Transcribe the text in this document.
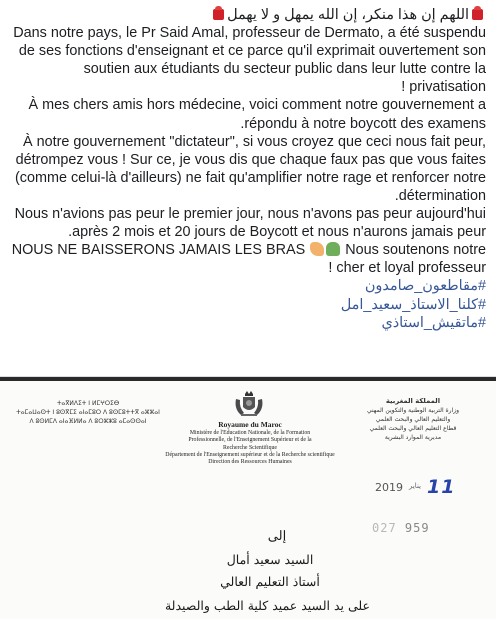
اللهم إن هذا منكر، إن الله يمهل و لا يهمل

Dans notre pays, le Pr Said Amal, professeur de Dermato, a été suspendu de ses fonctions d'enseignant et ce parce qu'il exprimait ouvertement son soutien aux étudiants du secteur public dans leur lutte contre la privatisation !

À mes chers amis hors médecine, voici comment notre gouvernement a répondu à notre boycott des examens.

À notre gouvernement "dictateur", si vous croyez que ceci nous fait peur, détrompez vous ! Sur ce, je vous dis que chaque faux pas que vous faites (comme celui-là d'ailleurs) ne fait qu'amplifier notre rage et renforcer notre détermination.

Nous n'avions pas peur le premier jour, nous n'avons pas peur aujourd'hui après 2 mois et 20 jours de Boycott et nous n'aurons jamais peur.

NOUS NE BAISSERONS JAMAIS LES BRAS	Nous soutenons notre cher et loyal professeur !

#مقاطعون_صامدون
#كلنا_الاستاذ_سعيد_امل
#ماتقيش_استاذي
ⵜⴰⴳⵍⴷⵉⵜ ⵏ ⵍⵎⵖⵔⵉⴱ
ⵜⴰⵎⴰⵡⴰⵙⵜ ⵏ ⵓⵙⴳⵎⵉ ⴰⵏⴰⵎⵓⵔ ⴷ ⵓⵙⵎⵓⵜⵜⴳ ⴰⵣⵣⴰⵏ
ⴷ ⵓⵙⵍⵎⴷ ⴰⵏⴰⴼⵍⵍⴰ ⴷ ⵓⵔⵣⵣⵓ ⴰⵎⴰⵙⵙⴰⵏ	Royaume du Maroc
Ministère de l'Education Nationale, de la Formation
Professionnelle, de l'Enseignement Supérieur et de la
Recherche Scientifique
Département de l'Enseignement supérieur et de la Recherche scientifique
Direction des Ressources Humaines
المملكة المغربية
وزارة التربية الوطنية والتكوين المهني
والتعليم العالي والبحث العلمي
قطاع التعليم العالي والبحث العلمي
مديرية الموارد البشرية
2019 يناير 11
027 959
إلى
السيد سعيد أمال
أستاذ التعليم العالي
على يد السيد عميد كلية الطب والصيدلة
